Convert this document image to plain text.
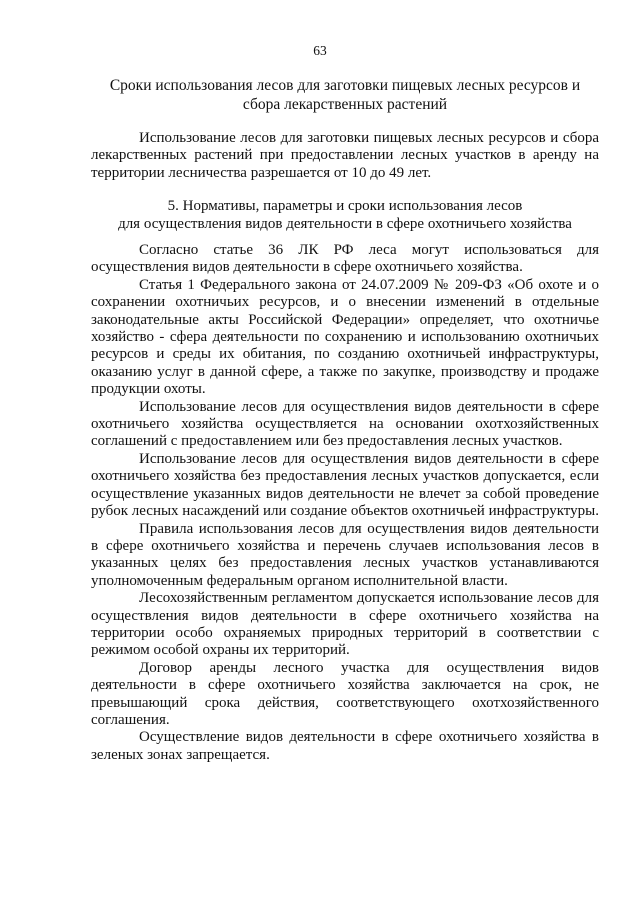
63
Сроки использования лесов для заготовки пищевых лесных ресурсов и
сбора лекарственных растений

Использование лесов для заготовки пищевых лесных ресурсов и сбора лекарственных растений при предоставлении лесных участков в аренду на территории лесничества разрешается от 10 до 49 лет.

5. Нормативы, параметры и сроки использования лесов
для осуществления видов деятельности в сфере охотничьего хозяйства

Согласно статье 36 ЛК РФ леса могут использоваться для осуществления видов деятельности в сфере охотничьего хозяйства.

Статья 1 Федерального закона от 24.07.2009 № 209-ФЗ «Об охоте и о сохранении охотничьих ресурсов, и о внесении изменений в отдельные законодательные акты Российской Федерации» определяет, что охотничье хозяйство - сфера деятельности по сохранению и использованию охотничьих ресурсов и среды их обитания, по созданию охотничьей инфраструктуры, оказанию услуг в данной сфере, а также по закупке, производству и продаже продукции охоты.

Использование лесов для осуществления видов деятельности в сфере охотничьего хозяйства осуществляется на основании охотхозяйственных соглашений с предоставлением или без предоставления лесных участков.

Использование лесов для осуществления видов деятельности в сфере охотничьего хозяйства без предоставления лесных участков допускается, если осуществление указанных видов деятельности не влечет за собой проведение рубок лесных насаждений или создание объектов охотничьей инфраструктуры.

Правила использования лесов для осуществления видов деятельности в сфере охотничьего хозяйства и перечень случаев использования лесов в указанных целях без предоставления лесных участков устанавливаются уполномоченным федеральным органом исполнительной власти.

Лесохозяйственным регламентом допускается использование лесов для осуществления видов деятельности в сфере охотничьего хозяйства на территории особо охраняемых природных территорий в соответствии с режимом особой охраны их территорий.

Договор аренды лесного участка для осуществления видов деятельности в сфере охотничьего хозяйства заключается на срок, не превышающий срока действия, соответствующего охотхозяйственного соглашения.

Осуществление видов деятельности в сфере охотничьего хозяйства в зеленых зонах запрещается.
